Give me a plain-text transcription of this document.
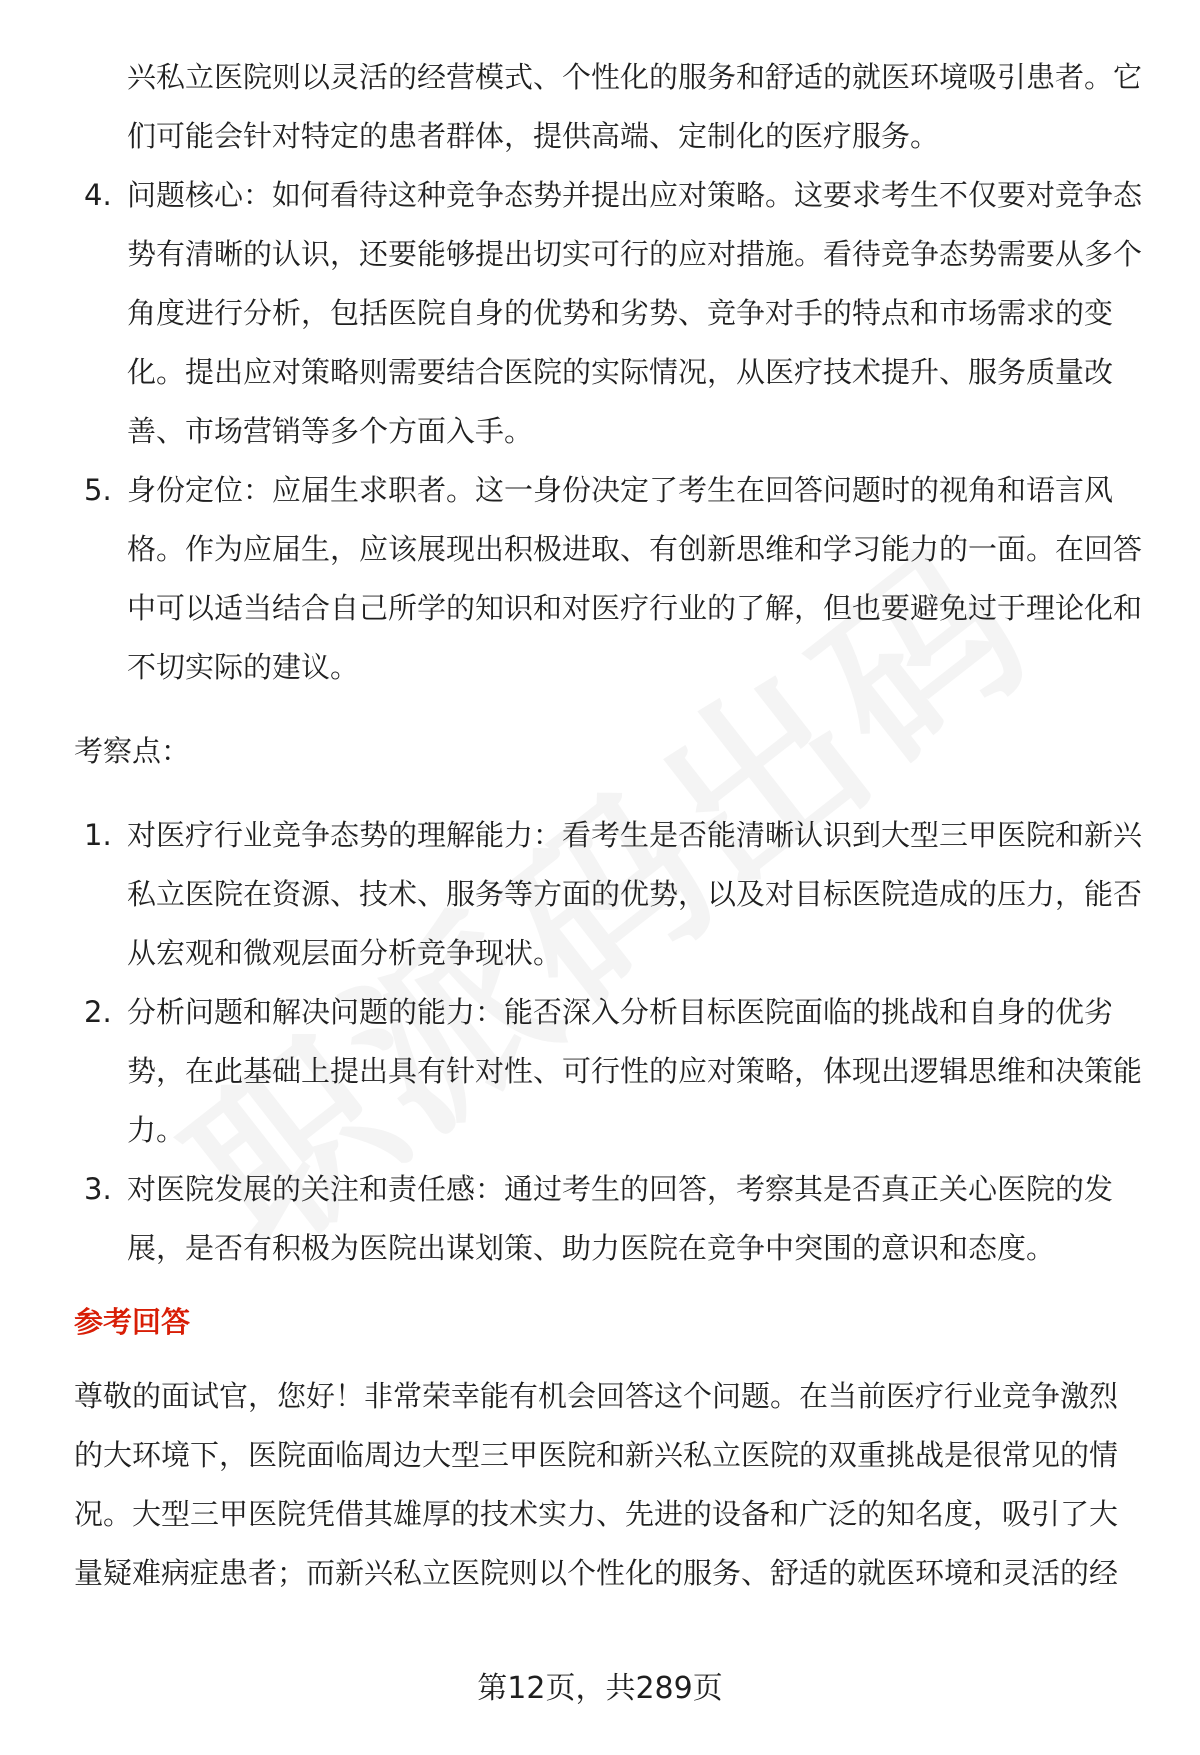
兴私立医院则以灵活的经营模式、个性化的服务和舒适的就医环境吸引患者。它们可能会针对特定的患者群体，提供高端、定制化的医疗服务。
4. 问题核心：如何看待这种竞争态势并提出应对策略。这要求考生不仅要对竞争态势有清晰的认识，还要能够提出切实可行的应对措施。看待竞争态势需要从多个角度进行分析，包括医院自身的优势和劣势、竞争对手的特点和市场需求的变化。提出应对策略则需要结合医院的实际情况，从医疗技术提升、服务质量改善、市场营销等多个方面入手。
5. 身份定位：应届生求职者。这一身份决定了考生在回答问题时的视角和语言风格。作为应届生，应该展现出积极进取、有创新思维和学习能力的一面。在回答中可以适当结合自己所学的知识和对医疗行业的了解，但也要避免过于理论化和不切实际的建议。
考察点：
1. 对医疗行业竞争态势的理解能力：看考生是否能清晰认识到大型三甲医院和新兴私立医院在资源、技术、服务等方面的优势，以及对目标医院造成的压力，能否从宏观和微观层面分析竞争现状。
2. 分析问题和解决问题的能力：能否深入分析目标医院面临的挑战和自身的优劣势，在此基础上提出具有针对性、可行性的应对策略，体现出逻辑思维和决策能力。
3. 对医院发展的关注和责任感：通过考生的回答，考察其是否真正关心医院的发展，是否有积极为医院出谋划策、助力医院在竞争中突围的意识和态度。
参考回答

尊敬的面试官，您好！非常荣幸能有机会回答这个问题。在当前医疗行业竞争激烈的大环境下，医院面临周边大型三甲医院和新兴私立医院的双重挑战是很常见的情况。大型三甲医院凭借其雄厚的技术实力、先进的设备和广泛的知名度，吸引了大量疑难病症患者；而新兴私立医院则以个性化的服务、舒适的就医环境和灵活的经

第12页，共289页
